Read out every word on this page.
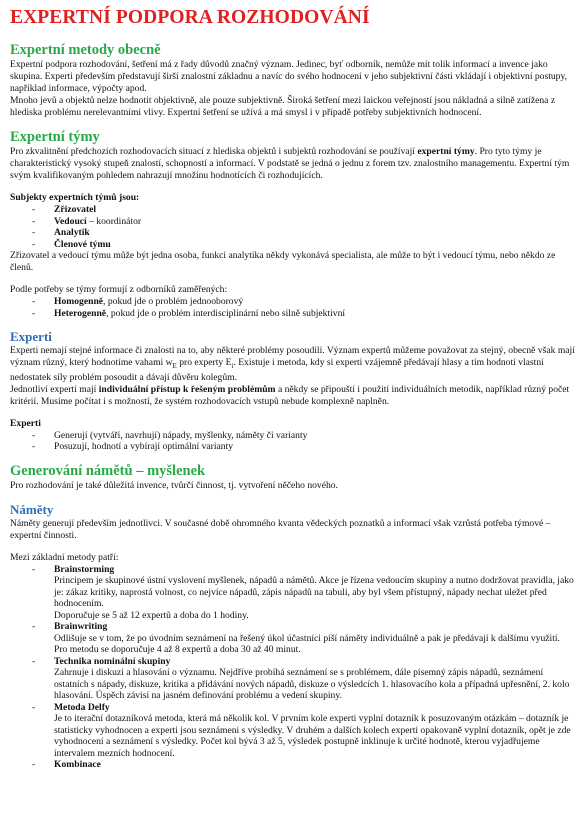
EXPERTNÍ PODPORA ROZHODOVÁNÍ
Expertní metody obecně

Expertní podpora rozhodování, šetření má z řady důvodů značný význam. Jedinec, byť odborník, nemůže mít tolik informací a invence jako skupina. Experti především představují širší znalostní základnu a navíc do svého hodnocení v jeho subjektivní části vkládají i objektivní postupy, například informace, výpočty apod.

Mnoho jevů a objektů nelze hodnotit objektivně, ale pouze subjektivně. Široká šetření mezi laickou veřejností jsou nákladná a silně zatížena z hlediska problému nerelevantními vlivy. Expertní šetření se užívá a má smysl i v případě potřeby subjektivních hodnocení.

Expertní týmy

Pro zkvalitnění předchozích rozhodovacích situací z hlediska objektů i subjektů rozhodování se používají expertní týmy. Pro tyto týmy je charakteristický vysoký stupeň znalostí, schopností a informací. V podstatě se jedná o jednu z forem tzv. znalostního managementu. Expertní tým svým kvalifikovaným pohledem nahrazují množinu hodnotících či rozhodujících.

Subjekty expertních týmů jsou:

- Zřizovatel
- Vedoucí – koordinátor
- Analytik
- Členové týmu

Zřizovatel a vedoucí týmu může být jedna osoba, funkci analytika někdy vykonává specialista, ale může to být i vedoucí týmu, nebo někdo ze členů.

Podle potřeby se týmy formují z odborníků zaměřených:

- Homogenně, pokud jde o problém jednooborový
- Heterogenně, pokud jde o problém interdisciplinární nebo silně subjektivní
Experti

Experti nemají stejné informace či znalosti na to, aby některé problémy posoudili. Význam expertů můžeme považovat za stejný, obecně však mají význam různý, který hodnotíme vahami $w_E$ pro experty $E_i$. Existuje i metoda, kdy si experti vzájemně předávají hlasy a tím hodnotí vlastní nedostatek síly problém posoudit a dávají důvěru kolegům.

Jednotliví experti mají individuální přístup k řešeným problémům a někdy se připouští i použití individuálních metodik, například různý počet kritérií. Musíme počítat i s možností, že systém rozhodovacích vstupů nebude komplexně naplněn.

Experti

- Generují (vytváří, navrhují) nápady, myšlenky, náměty či varianty
- Posuzují, hodnotí a vybírají optimální varianty
Generování námětů – myšlenek

Pro rozhodování je také důležitá invence, tvůrčí činnost, tj. vytvoření něčeho nového.

Náměty

Náměty generují především jednotlivci. V současné době ohromného kvanta vědeckých poznatků a informací však vzrůstá potřeba týmové – expertní činnosti.

Mezi základní metody patří:

- Brainstorming
Principem je skupinové ústní vyslovení myšlenek, nápadů a námětů. Akce je řízena vedoucím skupiny a nutno dodržovat pravidla, jako je: zákaz kritiky, naprostá volnost, co nejvíce nápadů, zápis nápadů na tabuli, aby byl všem přístupný, nápady nechat uležet před hodnocením.
Doporučuje se 5 až 12 expertů a doba do 1 hodiny.
- Brainwriting
Odlišuje se v tom, že po úvodním seznámení na řešený úkol účastníci píší náměty individuálně a pak je předávají k dalšímu využití. Pro metodu se doporučuje 4 až 8 expertů a doba 30 až 40 minut.
- Technika nominální skupiny
Zahrnuje i diskuzi a hlasování o významu. Nejdříve probíhá seznámení se s problémem, dále písemný zápis nápadů, seznámení ostatních s nápady, diskuze, kritika a přidávání nových nápadů, diskuze o výsledcích 1. hlasovacího kola a případná upřesnění, 2. kolo hlasování. Úspěch závisí na jasném definování problému a vedení skupiny.
- Metoda Delfy
Je to iterační dotazníková metoda, která má několik kol. V prvním kole experti vyplní dotazník k posuzovaným otázkám – dotazník je statisticky vyhodnocen a experti jsou seznámeni s výsledky. V druhém a dalších kolech experti opakovaně vyplní dotazník, opět je zde vyhodnocení a seznámení s výsledky. Počet kol bývá 3 až 5, výsledek postupně inklinuje k určité hodnotě, kterou vyjadřujeme intervalem mezních hodnocení.
- Kombinace
